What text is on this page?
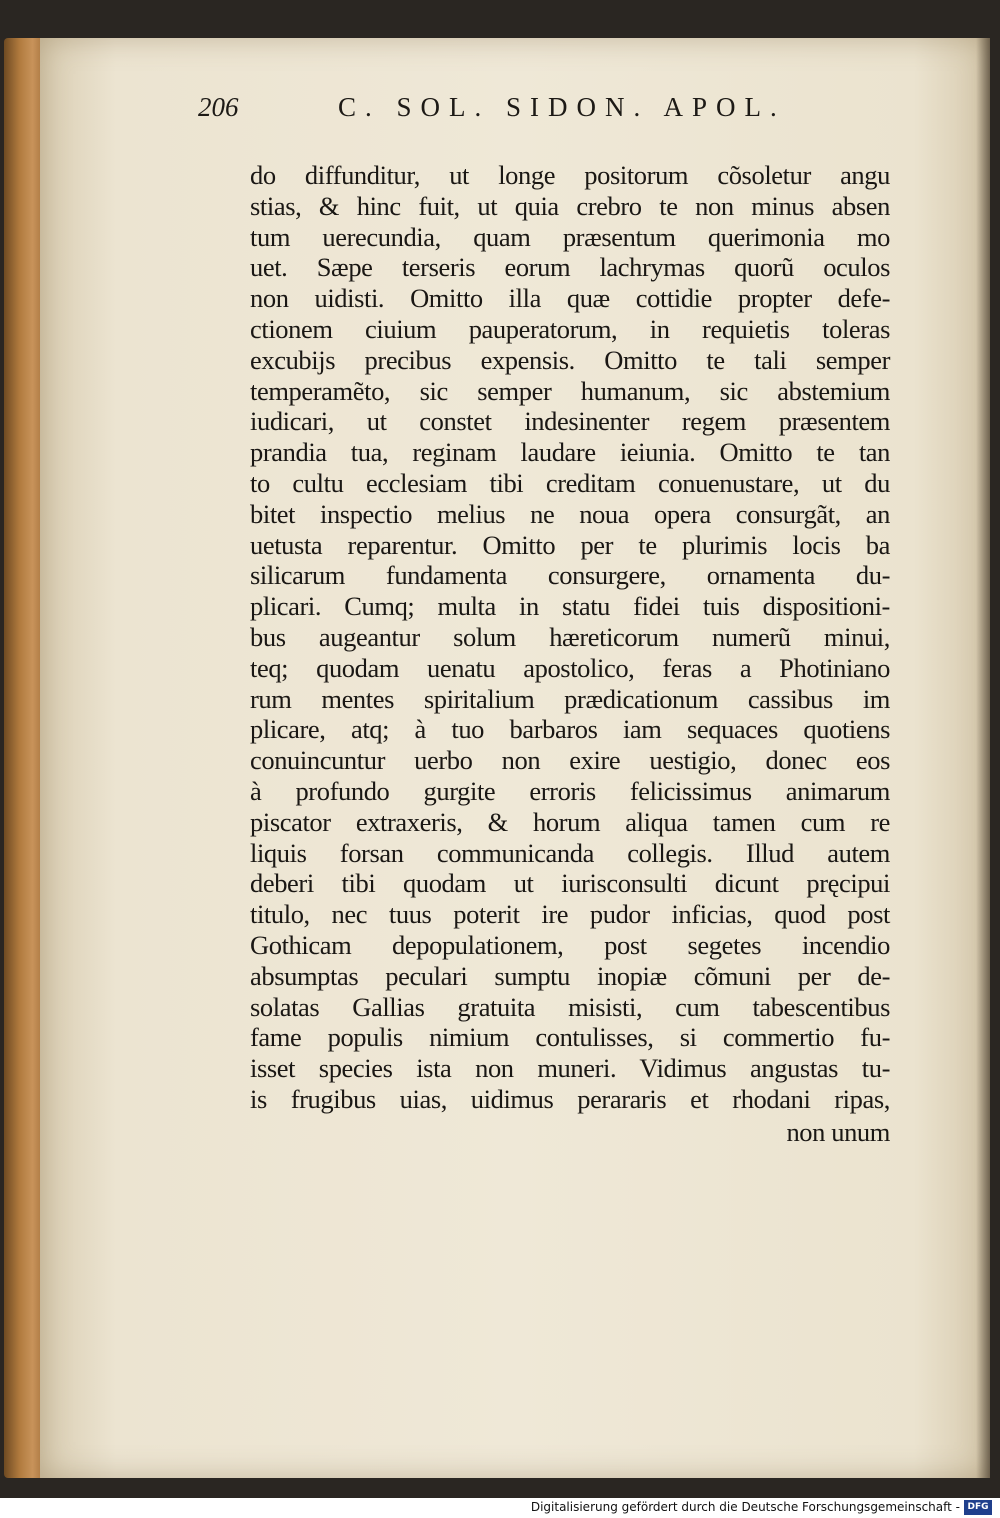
206	C. SOL. SIDON. APOL.
do diffunditur, ut longe positorum cõsoletur angu
stias, & hinc fuit, ut quia crebro te non minus absen
tum uerecundia, quam præsentum querimonia mo
uet. Sæpe terseris eorum lachrymas quorũ oculos
non uidisti. Omitto illa quæ cottidie propter defe-
ctionem ciuium pauperatorum, in requietis toleras
excubijs precibus expensis. Omitto te tali semper
temperamẽto, sic semper humanum, sic abstemium
iudicari, ut constet indesinenter regem præsentem
prandia tua, reginam laudare ieiunia. Omitto te tan
to cultu ecclesiam tibi creditam conuenustare, ut du
bitet inspectio melius ne noua opera consurgãt, an
uetusta reparentur. Omitto per te plurimis locis ba
silicarum fundamenta consurgere, ornamenta du-
plicari. Cumq; multa in statu fidei tuis dispositioni-
bus augeantur solum hæreticorum numerũ minui,
teq; quodam uenatu apostolico, feras a Photiniano
rum mentes spiritalium prædicationum cassibus im
plicare, atq; à tuo barbaros iam sequaces quotiens
conuincuntur uerbo non exire uestigio, donec eos
à profundo gurgite erroris felicissimus animarum
piscator extraxeris, & horum aliqua tamen cum re
liquis forsan communicanda collegis. Illud autem
deberi tibi quodam ut iurisconsulti dicunt pręcipui
titulo, nec tuus poterit ire pudor inficias, quod post
Gothicam depopulationem, post segetes incendio
absumptas peculari sumptu inopiæ cõmuni per de-
solatas Gallias gratuita misisti, cum tabescentibus
fame populis nimium contulisses, si commertio fu-
isset species ista non muneri. Vidimus angustas tu-
is frugibus uias, uidimus perararis et rhodani ripas,
non unum
Digitalisierung gefördert durch die Deutsche Forschungsgemeinschaft - DFG
